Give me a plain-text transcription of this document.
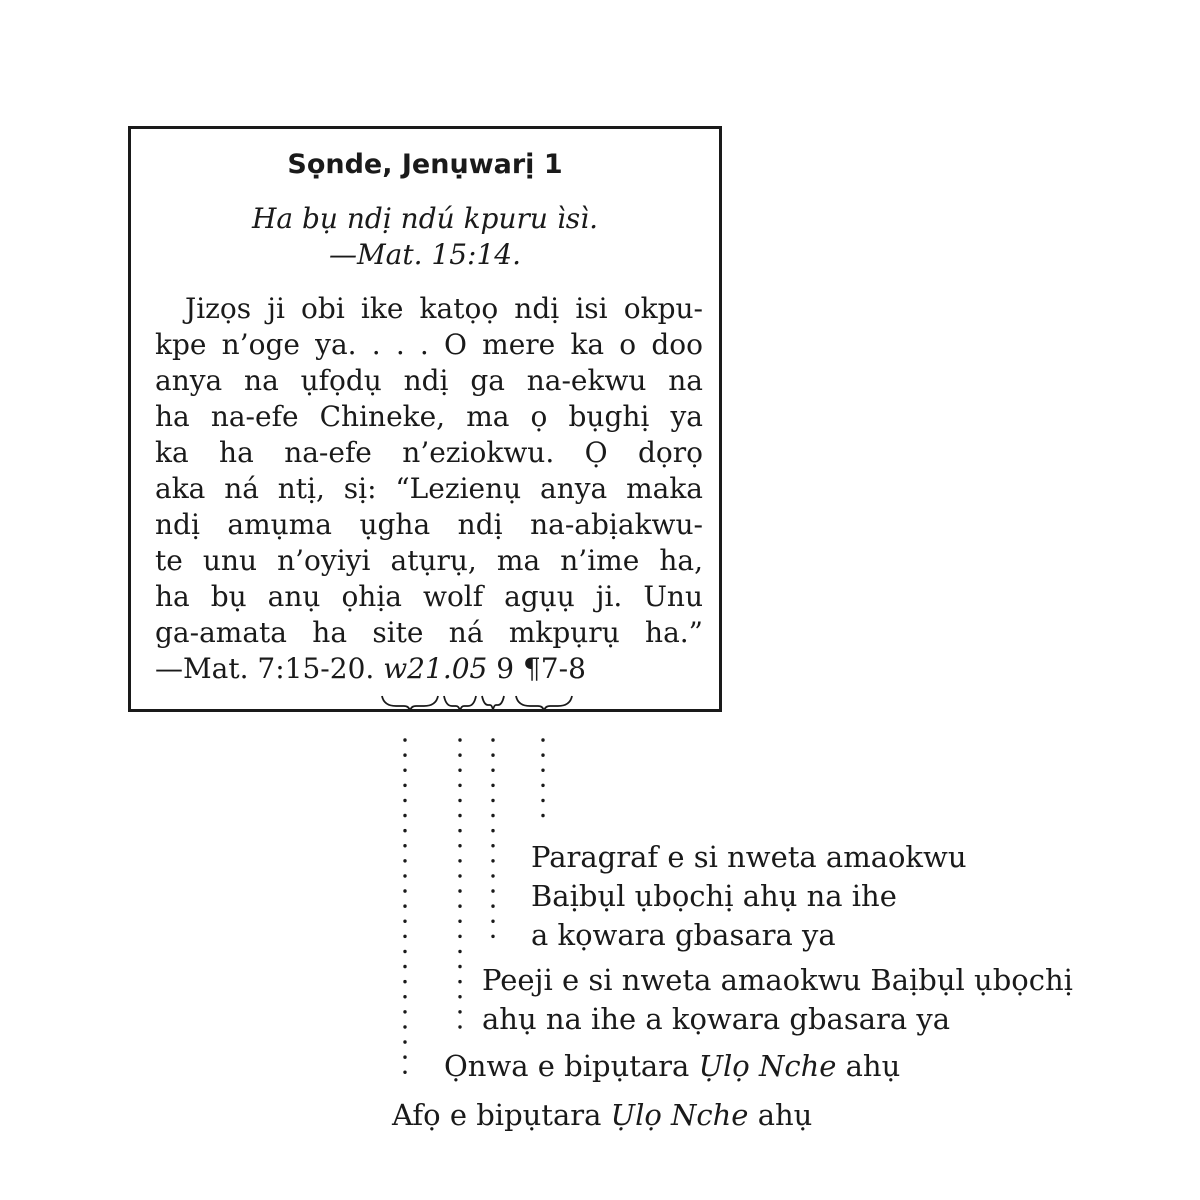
Sọnde, Jenụwarị 1
Ha bụ ndị ndú kpuru ìsì.
—Mat. 15:14.
Jizọs ji obi ike katọọ ndị isi okpu-
kpe n’oge ya. . . . O mere ka o doo
anya na ụfọdụ ndị ga na-ekwu na
ha na-efe Chineke, ma ọ bụghị ya
ka ha na-efe n’eziokwu. Ọ dọrọ
aka ná ntị, sị: “Lezienụ anya maka
ndị amụma ụgha ndị na-abịakwu-
te unu n’oyiyi atụrụ, ma n’ime ha,
ha bụ anụ ọhịa wolf agụụ ji. Unu
ga-amata ha site ná mkpụrụ ha.”
—Mat. 7:15-20. w21.05 9 ¶7-8
Paragraf e si nweta amaokwu
Baịbụl ụbọchị ahụ na ihe
a kọwara gbasara ya
Peeji e si nweta amaokwu Baịbụl ụbọchị
ahụ na ihe a kọwara gbasara ya
Ọnwa e bipụtara Ụlọ Nche ahụ
Afọ e bipụtara Ụlọ Nche ahụ
